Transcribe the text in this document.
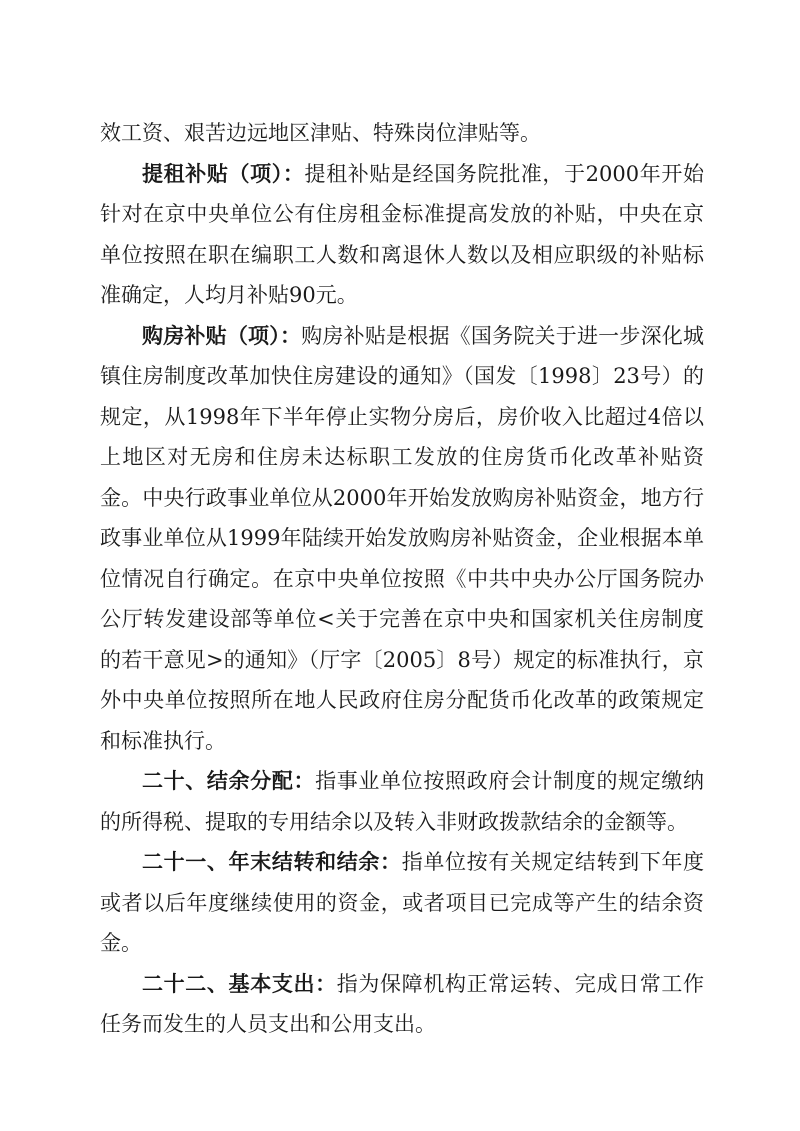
效工资、艰苦边远地区津贴、特殊岗位津贴等。

提租补贴（项）：提租补贴是经国务院批准，于2000年开始针对在京中央单位公有住房租金标准提高发放的补贴，中央在京单位按照在职在编职工人数和离退休人数以及相应职级的补贴标准确定，人均月补贴90元。

购房补贴（项）：购房补贴是根据《国务院关于进一步深化城镇住房制度改革加快住房建设的通知》（国发〔1998〕23号）的规定，从1998年下半年停止实物分房后，房价收入比超过4倍以上地区对无房和住房未达标职工发放的住房货币化改革补贴资金。中央行政事业单位从2000年开始发放购房补贴资金，地方行政事业单位从1999年陆续开始发放购房补贴资金，企业根据本单位情况自行确定。在京中央单位按照《中共中央办公厅国务院办公厅转发建设部等单位<关于完善在京中央和国家机关住房制度的若干意见>的通知》（厅字〔2005〕8号）规定的标准执行，京外中央单位按照所在地人民政府住房分配货币化改革的政策规定和标准执行。

二十、结余分配：指事业单位按照政府会计制度的规定缴纳的所得税、提取的专用结余以及转入非财政拨款结余的金额等。

二十一、年末结转和结余：指单位按有关规定结转到下年度或者以后年度继续使用的资金，或者项目已完成等产生的结余资金。

二十二、基本支出：指为保障机构正常运转、完成日常工作任务而发生的人员支出和公用支出。
